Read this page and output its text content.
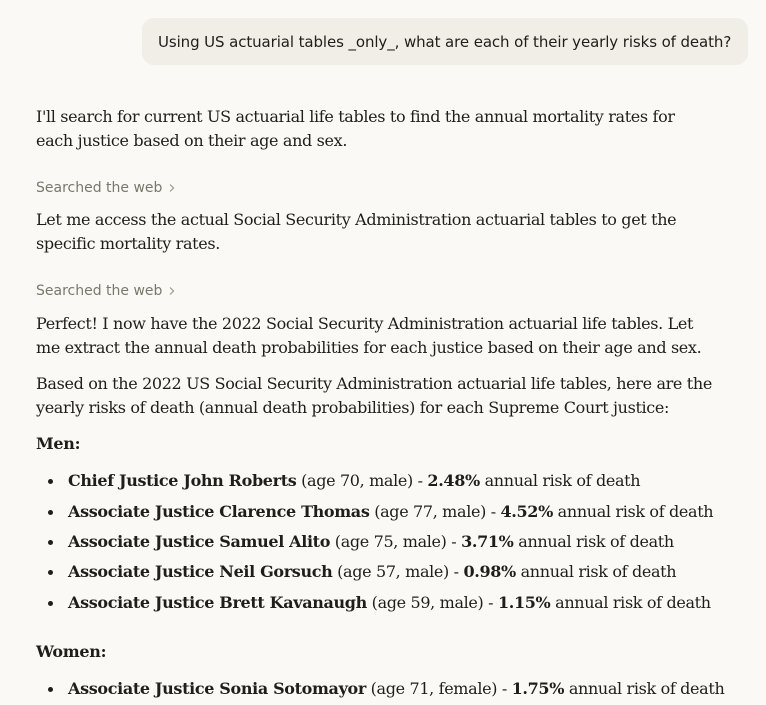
Using US actuarial tables _only_, what are each of their yearly risks of death?

I'll search for current US actuarial life tables to find the annual mortality rates for each justice based on their age and sex.

Searched the web

Let me access the actual Social Security Administration actuarial tables to get the specific mortality rates.

Searched the web

Perfect! I now have the 2022 Social Security Administration actuarial life tables. Let me extract the annual death probabilities for each justice based on their age and sex.

Based on the 2022 US Social Security Administration actuarial life tables, here are the yearly risks of death (annual death probabilities) for each Supreme Court justice:

Men:

Chief Justice John Roberts (age 70, male) - 2.48% annual risk of death
Associate Justice Clarence Thomas (age 77, male) - 4.52% annual risk of death
Associate Justice Samuel Alito (age 75, male) - 3.71% annual risk of death
Associate Justice Neil Gorsuch (age 57, male) - 0.98% annual risk of death
Associate Justice Brett Kavanaugh (age 59, male) - 1.15% annual risk of death

Women:

Associate Justice Sonia Sotomayor (age 71, female) - 1.75% annual risk of death
